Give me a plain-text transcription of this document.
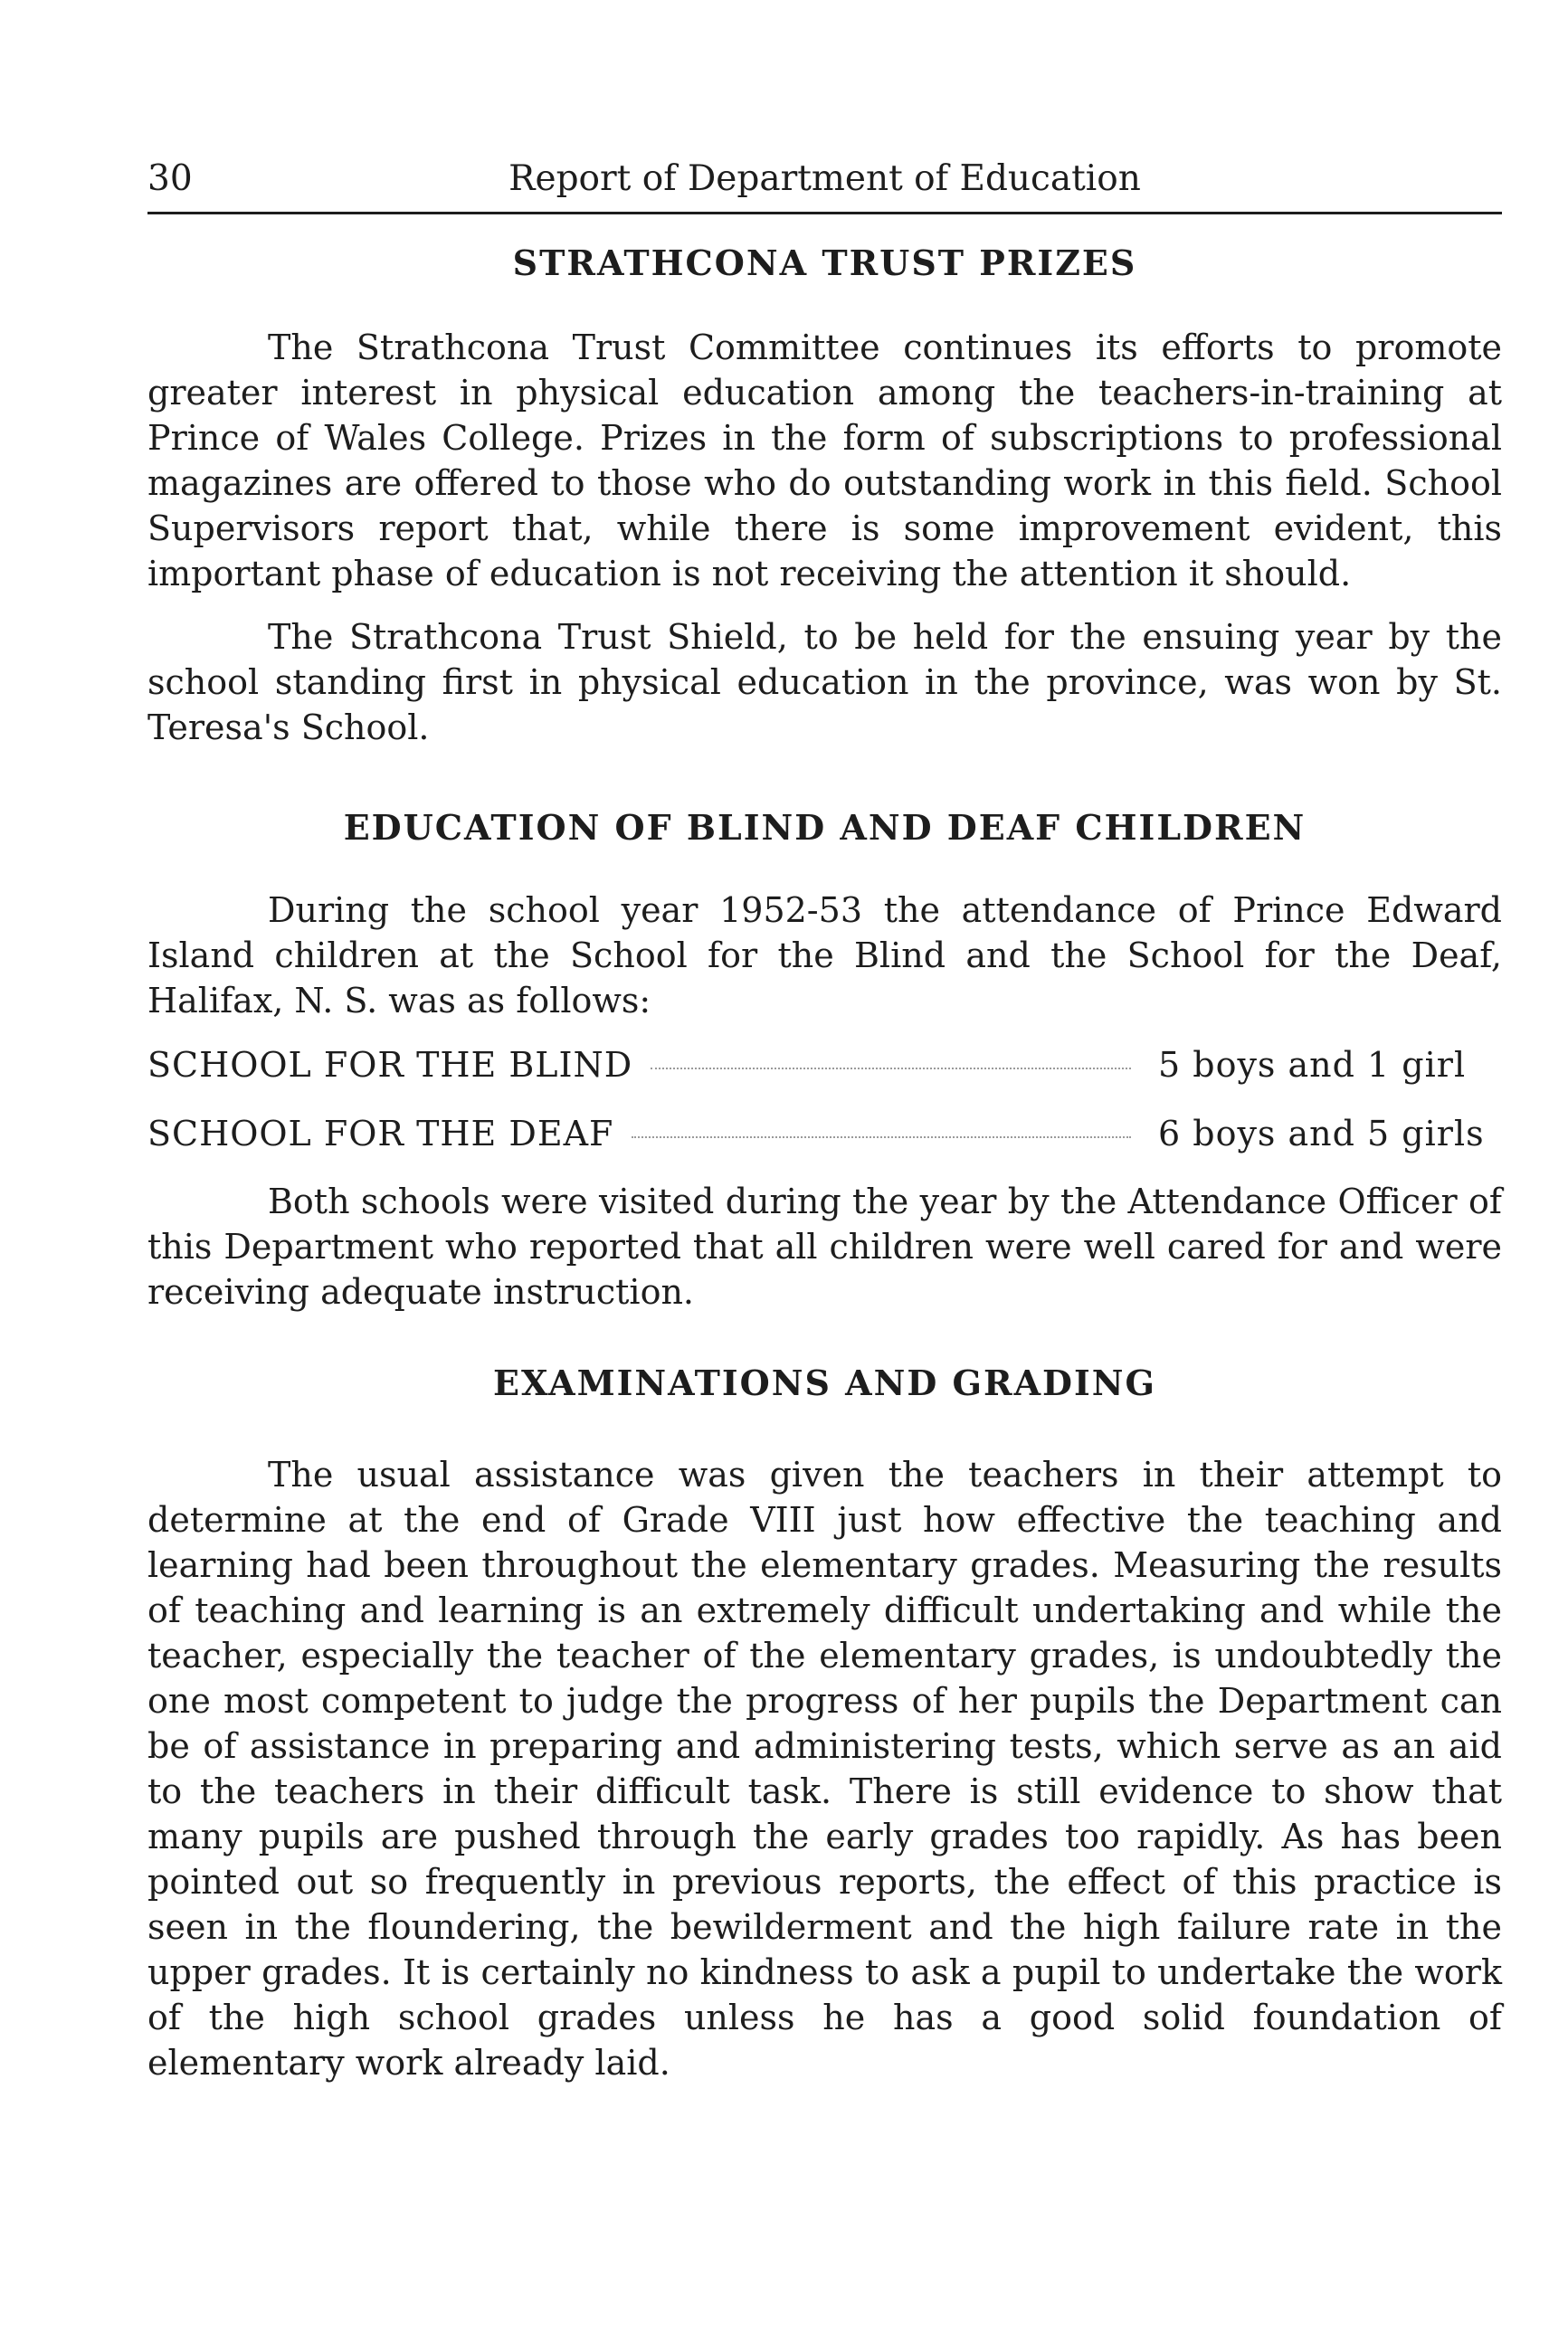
30	Report of Department of Education
STRATHCONA TRUST PRIZES

The Strathcona Trust Committee continues its efforts to promote greater interest in physical education among the teachers-in-training at Prince of Wales College. Prizes in the form of subscriptions to professional magazines are offered to those who do outstanding work in this field. School Supervisors report that, while there is some improvement evident, this important phase of education is not receiving the attention it should.

The Strathcona Trust Shield, to be held for the ensuing year by the school standing first in physical education in the province, was won by St. Teresa's School.

EDUCATION OF BLIND AND DEAF CHILDREN

During the school year 1952-53 the attendance of Prince Edward Island children at the School for the Blind and the School for the Deaf, Halifax, N. S. was as follows:

SCHOOL FOR THE BLIND	5 boys and 1 girl
SCHOOL FOR THE DEAF	6 boys and 5 girls

Both schools were visited during the year by the Attendance Officer of this Department who reported that all children were well cared for and were receiving adequate instruction.

EXAMINATIONS AND GRADING

The usual assistance was given the teachers in their attempt to determine at the end of Grade VIII just how effective the teaching and learning had been throughout the elementary grades. Measuring the results of teaching and learning is an extremely difficult undertaking and while the teacher, especially the teacher of the elementary grades, is undoubtedly the one most competent to judge the progress of her pupils the Department can be of assistance in preparing and administering tests, which serve as an aid to the teachers in their difficult task. There is still evidence to show that many pupils are pushed through the early grades too rapidly. As has been pointed out so frequently in previous reports, the effect of this practice is seen in the floundering, the bewilderment and the high failure rate in the upper grades. It is certainly no kindness to ask a pupil to undertake the work of the high school grades unless he has a good solid foundation of elementary work already laid.
